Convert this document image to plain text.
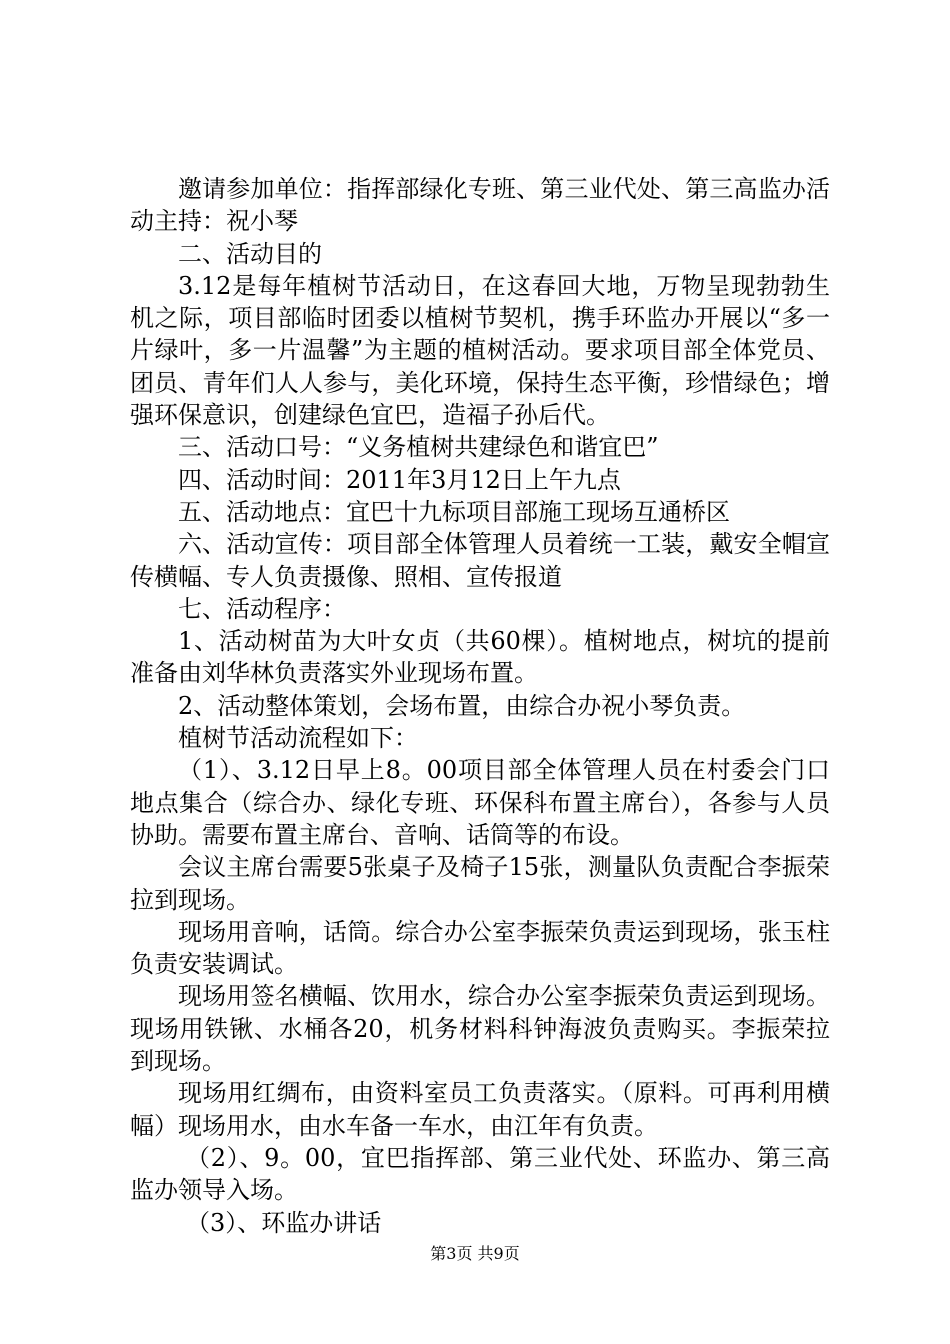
邀请参加单位：指挥部绿化专班、第三业代处、第三高监办活动主持：祝小琴

二、活动目的

3.12是每年植树节活动日，在这春回大地，万物呈现勃勃生机之际，项目部临时团委以植树节契机，携手环监办开展以“多一片绿叶，多一片温馨”为主题的植树活动。要求项目部全体党员、团员、青年们人人参与，美化环境，保持生态平衡，珍惜绿色；增强环保意识，创建绿色宜巴，造福子孙后代。

三、活动口号：“义务植树共建绿色和谐宜巴”

四、活动时间：2011年3月12日上午九点

五、活动地点：宜巴十九标项目部施工现场互通桥区

六、活动宣传：项目部全体管理人员着统一工装，戴安全帽宣传横幅、专人负责摄像、照相、宣传报道

七、活动程序：

1、活动树苗为大叶女贞（共60棵）。植树地点，树坑的提前准备由刘华林负责落实外业现场布置。

2、活动整体策划，会场布置，由综合办祝小琴负责。

植树节活动流程如下：

（1）、3.12日早上8。00项目部全体管理人员在村委会门口地点集合（综合办、绿化专班、环保科布置主席台），各参与人员协助。需要布置主席台、音响、话筒等的布设。

会议主席台需要5张桌子及椅子15张，测量队负责配合李振荣拉到现场。

现场用音响，话筒。综合办公室李振荣负责运到现场，张玉柱负责安装调试。

现场用签名横幅、饮用水，综合办公室李振荣负责运到现场。现场用铁锹、水桶各20，机务材料科钟海波负责购买。李振荣拉到现场。

现场用红绸布，由资料室员工负责落实。（原料。可再利用横幅）现场用水，由水车备一车水，由江年有负责。

（2）、9。00，宜巴指挥部、第三业代处、环监办、第三高监办领导入场。

（3）、环监办讲话

第3页 共9页
